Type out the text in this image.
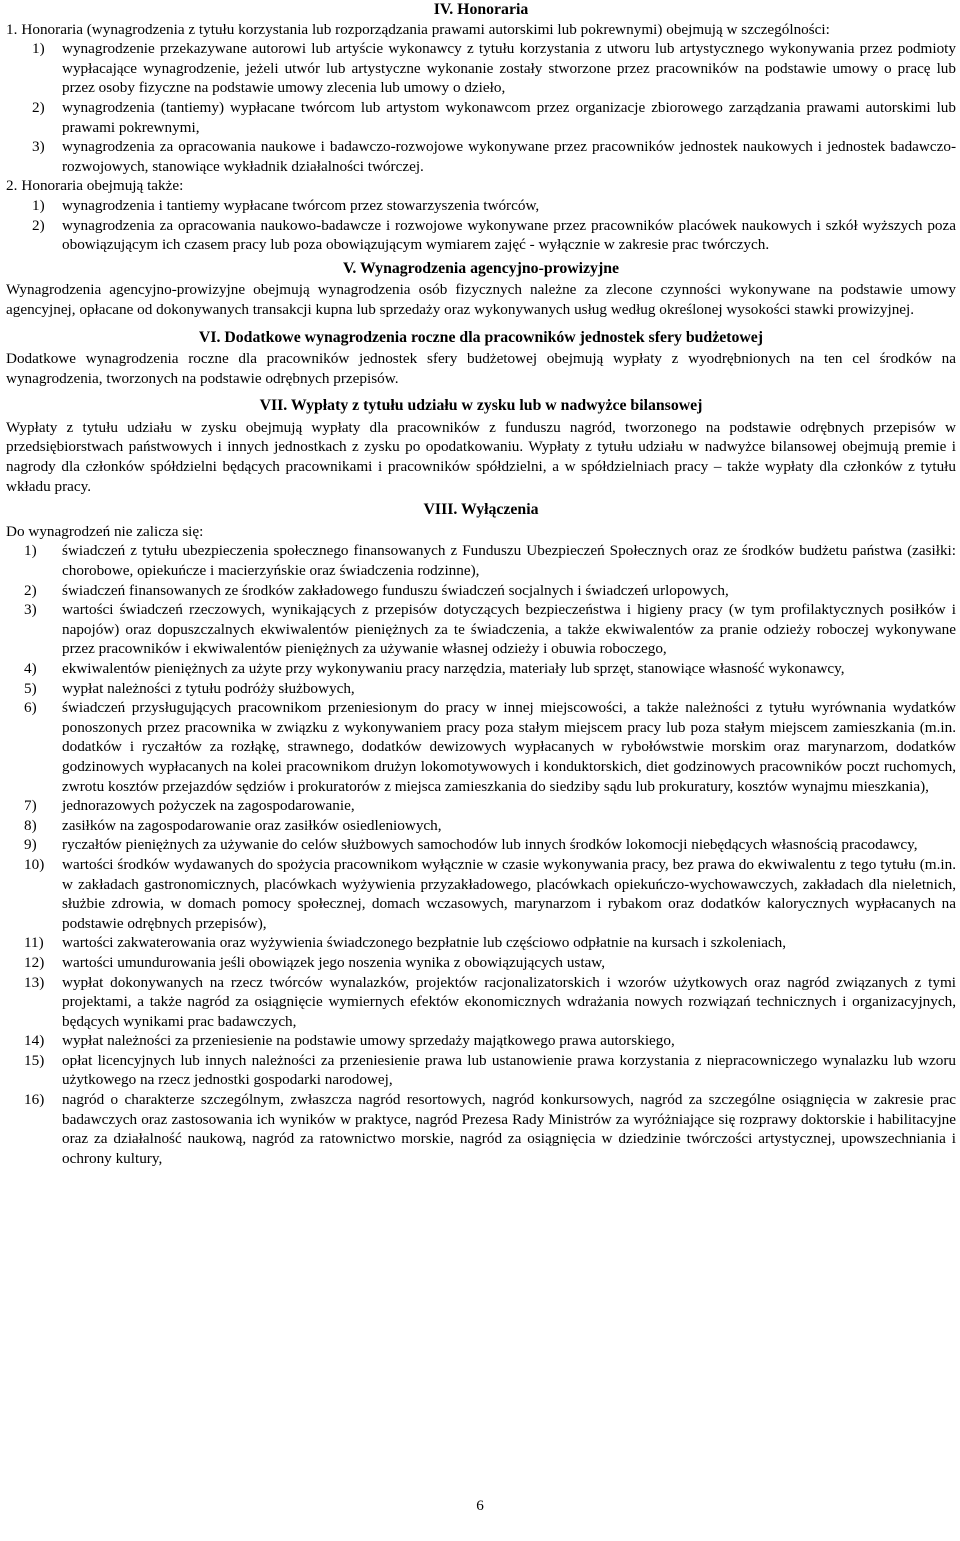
IV. Honoraria
1. Honoraria (wynagrodzenia z tytułu korzystania lub rozporządzania prawami autorskimi lub pokrewnymi) obejmują w szczególności:
1) wynagrodzenie przekazywane autorowi lub artyście wykonawcy z tytułu korzystania z utworu lub artystycznego wykonywania przez podmioty wypłacające wynagrodzenie, jeżeli utwór lub artystyczne wykonanie zostały stworzone przez pracowników na podstawie umowy o pracę lub przez osoby fizyczne na podstawie umowy zlecenia lub umowy o dzieło,
2) wynagrodzenia (tantiemy) wypłacane twórcom lub artystom wykonawcom przez organizacje zbiorowego zarządzania prawami autorskimi lub prawami pokrewnymi,
3) wynagrodzenia za opracowania naukowe i badawczo-rozwojowe wykonywane przez pracowników jednostek naukowych i jednostek badawczo-rozwojowych, stanowiące wykładnik działalności twórczej.
2. Honoraria obejmują także:
1) wynagrodzenia i tantiemy wypłacane twórcom przez stowarzyszenia twórców,
2) wynagrodzenia za opracowania naukowo-badawcze i rozwojowe wykonywane przez pracowników placówek naukowych i szkół wyższych poza obowiązującym ich czasem pracy lub poza obowiązującym wymiarem zajęć - wyłącznie w zakresie prac twórczych.
V. Wynagrodzenia agencyjno-prowizyjne

Wynagrodzenia agencyjno-prowizyjne obejmują wynagrodzenia osób fizycznych należne za zlecone czynności wykonywane na podstawie umowy agencyjnej, opłacane od dokonywanych transakcji kupna lub sprzedaży oraz wykonywanych usług według określonej wysokości stawki prowizyjnej.

VI. Dodatkowe wynagrodzenia roczne dla pracowników jednostek sfery budżetowej

Dodatkowe wynagrodzenia roczne dla pracowników jednostek sfery budżetowej obejmują wypłaty z wyodrębnionych na ten cel środków na wynagrodzenia, tworzonych na podstawie odrębnych przepisów.

VII. Wypłaty z tytułu udziału w zysku lub w nadwyżce bilansowej

Wypłaty z tytułu udziału w zysku obejmują wypłaty dla pracowników z funduszu nagród, tworzonego na podstawie odrębnych przepisów w przedsiębiorstwach państwowych i innych jednostkach z zysku po opodatkowaniu. Wypłaty z tytułu udziału w nadwyżce bilansowej obejmują premie i nagrody dla członków spółdzielni będących pracownikami i pracowników spółdzielni, a w spółdzielniach pracy – także wypłaty dla członków z tytułu wkładu pracy.

VIII. Wyłączenia

Do wynagrodzeń nie zalicza się:

1) świadczeń z tytułu ubezpieczenia społecznego finansowanych z Funduszu Ubezpieczeń Społecznych oraz ze środków budżetu państwa (zasiłki: chorobowe, opiekuńcze i macierzyńskie oraz świadczenia rodzinne),
2) świadczeń finansowanych ze środków zakładowego funduszu świadczeń socjalnych i świadczeń urlopowych,
3) wartości świadczeń rzeczowych, wynikających z przepisów dotyczących bezpieczeństwa i higieny pracy (w tym profilaktycznych posiłków i napojów) oraz dopuszczalnych ekwiwalentów pieniężnych za te świadczenia, a także ekwiwalentów za pranie odzieży roboczej wykonywane przez pracowników i ekwiwalentów pieniężnych za używanie własnej odzieży i obuwia roboczego,
4) ekwiwalentów pieniężnych za użyte przy wykonywaniu pracy narzędzia, materiały lub sprzęt, stanowiące własność wykonawcy,
5) wypłat należności z tytułu podróży służbowych,
6) świadczeń przysługujących pracownikom przeniesionym do pracy w innej miejscowości, a także należności z tytułu wyrównania wydatków ponoszonych przez pracownika w związku z wykonywaniem pracy poza stałym miejscem pracy lub poza stałym miejscem zamieszkania (m.in. dodatków i ryczałtów za rozłąkę, strawnego, dodatków dewizowych wypłacanych w rybołówstwie morskim oraz marynarzom, dodatków godzinowych wypłacanych na kolei pracownikom drużyn lokomotywowych i konduktorskich, diet godzinowych pracowników poczt ruchomych, zwrotu kosztów przejazdów sędziów i prokuratorów z miejsca zamieszkania do siedziby sądu lub prokuratury, kosztów wynajmu mieszkania),
7) jednorazowych pożyczek na zagospodarowanie,
8) zasiłków na zagospodarowanie oraz zasiłków osiedleniowych,
9) ryczałtów pieniężnych za używanie do celów służbowych samochodów lub innych środków lokomocji niebędących własnością pracodawcy,
10) wartości środków wydawanych do spożycia pracownikom wyłącznie w czasie wykonywania pracy, bez prawa do ekwiwalentu z tego tytułu (m.in. w zakładach gastronomicznych, placówkach wyżywienia przyzakładowego, placówkach opiekuńczo-wychowawczych, zakładach dla nieletnich, służbie zdrowia, w domach pomocy społecznej, domach wczasowych, marynarzom i rybakom oraz dodatków kalorycznych wypłacanych na podstawie odrębnych przepisów),
11) wartości zakwaterowania oraz wyżywienia świadczonego bezpłatnie lub częściowo odpłatnie na kursach i szkoleniach,
12) wartości umundurowania jeśli obowiązek jego noszenia wynika z obowiązujących ustaw,
13) wypłat dokonywanych na rzecz twórców wynalazków, projektów racjonalizatorskich i wzorów użytkowych oraz nagród związanych z tymi projektami, a także nagród za osiągnięcie wymiernych efektów ekonomicznych wdrażania nowych rozwiązań technicznych i organizacyjnych, będących wynikami prac badawczych,
14) wypłat należności za przeniesienie na podstawie umowy sprzedaży majątkowego prawa autorskiego,
15) opłat licencyjnych lub innych należności za przeniesienie prawa lub ustanowienie prawa korzystania z niepracowniczego wynalazku lub wzoru użytkowego na rzecz jednostki gospodarki narodowej,
16) nagród o charakterze szczególnym, zwłaszcza nagród resortowych, nagród konkursowych, nagród za szczególne osiągnięcia w zakresie prac badawczych oraz zastosowania ich wyników w praktyce, nagród Prezesa Rady Ministrów za wyróżniające się rozprawy doktorskie i habilitacyjne oraz za działalność naukową, nagród za ratownictwo morskie, nagród za osiągnięcia w dziedzinie twórczości artystycznej, upowszechniania i ochrony kultury,
6
